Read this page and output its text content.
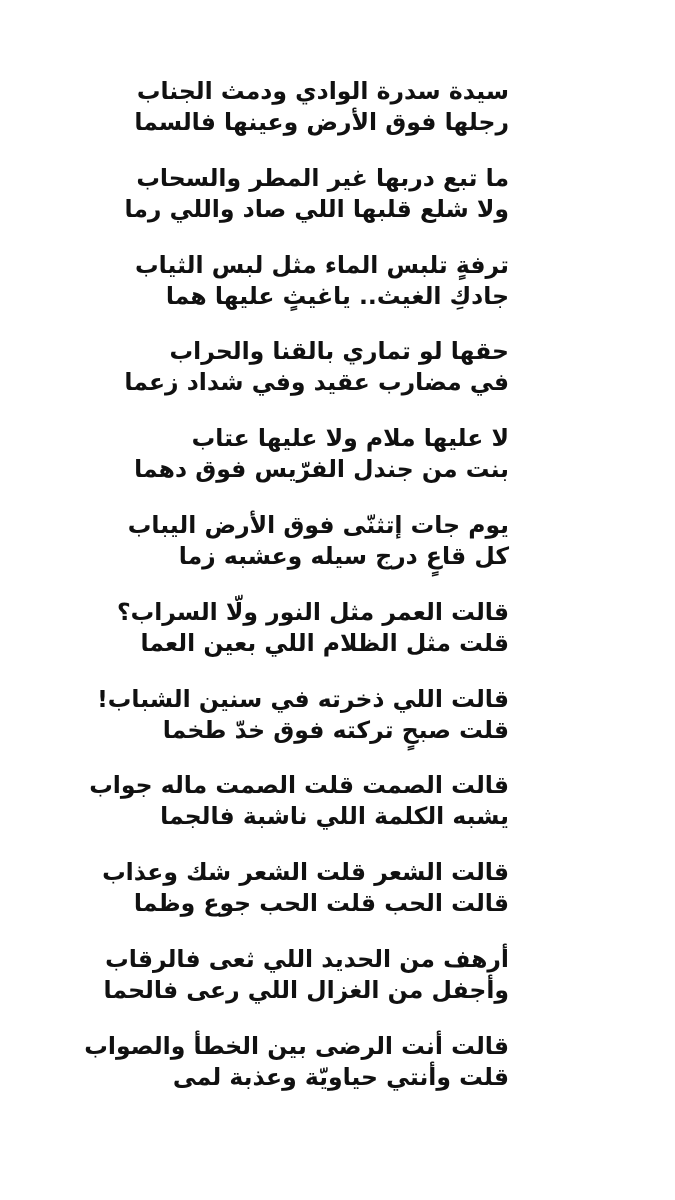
سيدة سدرة الوادي ودمث الجناب
رجلها فوق الأرض وعينها فالسما
ما تبع دربها غير المطر والسحاب
ولا شلع قلبها اللي صاد واللي رما
ترفةٍ تلبس الماء مثل لبس الثياب
جادكِ الغيث.. ياغيثٍ عليها هما
حقها لو تماري بالقنا والحراب
في مضارب عقيد وفي شداد زعما
لا عليها ملام ولا عليها عتاب
بنت من جندل الفرّيس فوق دهما
يوم جات إتثنّى فوق الأرض اليباب
كل قاعٍ درج سيله وعشبه زما
قالت العمر مثل النور ولّا السراب؟
قلت مثل الظلام اللي بعين العما
قالت اللي ذخرته في سنين الشباب!
قلت صبحٍ تركته فوق خدّ طخما
قالت الصمت قلت الصمت ماله جواب
يشبه الكلمة اللي ناشبة فالجما
قالت الشعر قلت الشعر شك وعذاب
قالت الحب قلت الحب جوع وظما
أرهف من الحديد اللي ثعى فالرقاب
وأجفل من الغزال اللي رعى فالحما
قالت أنت الرضى بين الخطأ والصواب
قلت وأنتي حياويّة وعذبة لمى
